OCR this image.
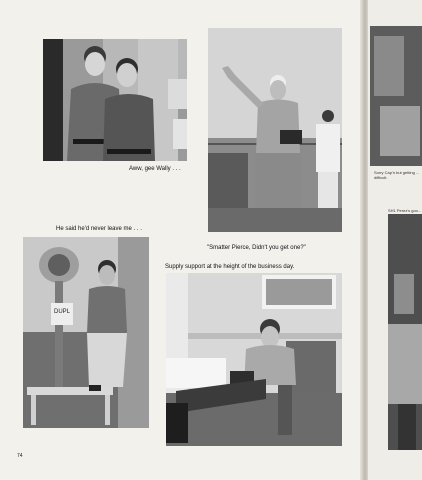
Aww, gee Wally . . .
"Smatter Pierce, Didn't you get one?"
He said he'd never leave me . . .
DUPL
Supply support at the height of the business day.
74
Sorry Cap'n but getting ... difficult.
SH1 Perez's goo...
